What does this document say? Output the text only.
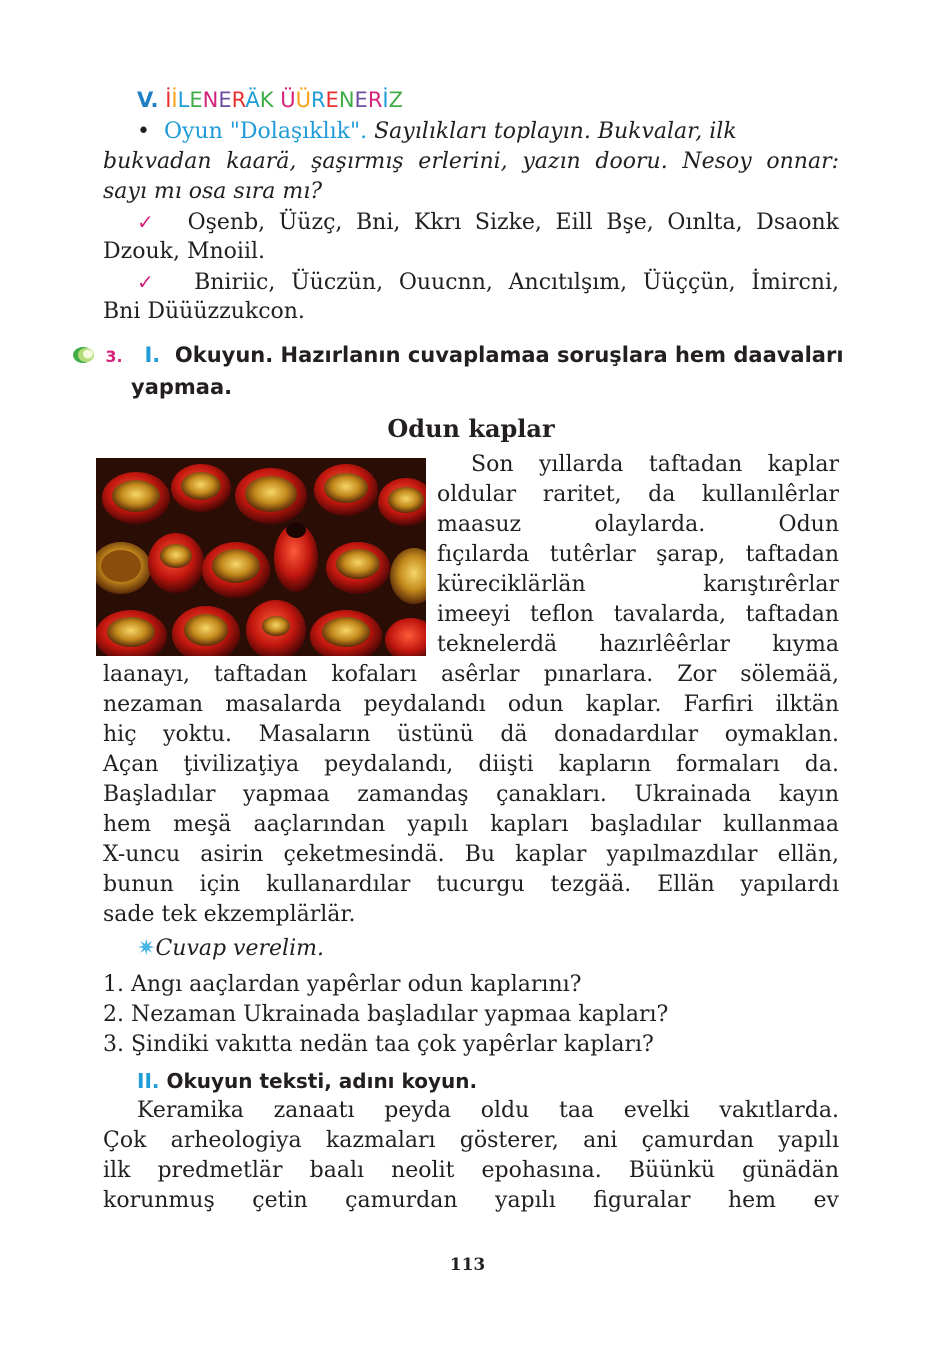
V. İİLENERÄK ÜÜRENERİZ
• Oyun "Dolaşıklık". Sayılıkları toplayın. Bukvalar, ilk
bukvadan kaarä, şaşırmış erlerini, yazın dooru. Nesoy onnar:
sayı mı osa sıra mı?
✓ Oşenb, Üüzç, Bni, Kkrı Sizke, Eill Bşe, Oınlta, Dsaonk
Dzouk, Mnoiil.
✓ Bniriic, Üüczün, Ouucnn, Ancıtılşım, Üüççün, İmircni,
Bni Düüüzzukcon.
3. I. Okuyun. Hazırlanın cuvaplamaa soruşlara hem daavaları
yapmaa.
Odun kaplar
Son yıllarda taftadan kaplar
oldular raritet, da kullanılêrlar
maasuz olaylarda. Odun
fıçılarda tutêrlar şarap, taftadan
küreciklärlän karıştırêrlar
imeeyi teflon tavalarda, taftadan
teknelerdä hazırlêêrlar kıyma
laanayı, taftadan kofaları asêrlar pınarlara. Zor sölemää,
nezaman masalarda peydalandı odun kaplar. Farfiri ilktän
hiç yoktu. Masaların üstünü dä donadardılar oymaklan.
Açan ţivilizaţiya peydalandı, diişti kapların formaları da.
Başladılar yapmaa zamandaş çanakları. Ukrainada kayın
hem meşä aaçlarından yapılı kapları başladılar kullanmaa
X-uncu asirin çeketmesindä. Bu kaplar yapılmazdılar ellän,
bunun için kullanardılar tucurgu tezgää. Ellän yapılardı
sade tek ekzemplärlär.
✷Cuvap verelim.
1. Angı aaçlardan yapêrlar odun kaplarını?
2. Nezaman Ukrainada başladılar yapmaa kapları?
3. Şindiki vakıtta nedän taa çok yapêrlar kapları?
II. Okuyun teksti, adını koyun.
Keramika zanaatı peyda oldu taa evelki vakıtlarda.
Çok arheologiya kazmaları gösterer, ani çamurdan yapılı
ilk predmetlär baalı neolit epohasına. Büünkü günädän
korunmuş çetin çamurdan yapılı figuralar hem ev
113
